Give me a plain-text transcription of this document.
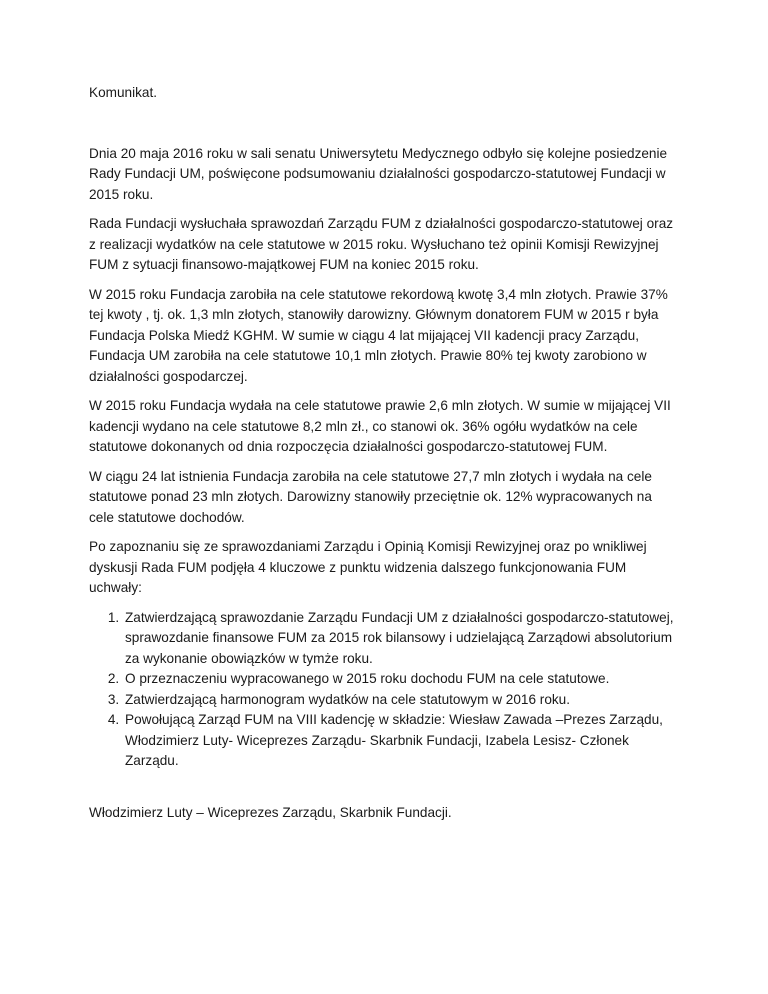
Komunikat.

Dnia 20 maja 2016 roku w sali senatu Uniwersytetu Medycznego odbyło się kolejne posiedzenie Rady Fundacji UM, poświęcone podsumowaniu działalności gospodarczo-statutowej Fundacji w 2015 roku.

Rada Fundacji wysłuchała sprawozdań Zarządu FUM z działalności gospodarczo-statutowej oraz z realizacji wydatków na cele statutowe w 2015 roku. Wysłuchano też opinii Komisji Rewizyjnej FUM z sytuacji finansowo-majątkowej FUM na koniec 2015 roku.

W 2015 roku Fundacja zarobiła na cele statutowe rekordową kwotę 3,4 mln złotych. Prawie 37% tej kwoty , tj. ok. 1,3 mln złotych, stanowiły darowizny. Głównym donatorem FUM w 2015 r była Fundacja Polska Miedź KGHM. W sumie w ciągu 4 lat mijającej VII kadencji pracy Zarządu, Fundacja UM zarobiła na cele statutowe 10,1 mln złotych. Prawie 80% tej kwoty zarobiono w działalności gospodarczej.

W 2015 roku Fundacja wydała na cele statutowe prawie 2,6 mln złotych. W sumie w mijającej VII kadencji wydano na cele statutowe 8,2 mln zł., co stanowi ok. 36% ogółu wydatków na cele statutowe dokonanych od dnia rozpoczęcia działalności gospodarczo-statutowej FUM.

W ciągu 24 lat istnienia Fundacja zarobiła na cele statutowe 27,7 mln złotych i wydała na cele statutowe ponad 23 mln złotych. Darowizny stanowiły przeciętnie ok. 12% wypracowanych na cele statutowe dochodów.

Po zapoznaniu się ze sprawozdaniami Zarządu i Opinią Komisji Rewizyjnej oraz po wnikliwej dyskusji Rada FUM podjęła 4 kluczowe z punktu widzenia dalszego funkcjonowania FUM uchwały:

1. Zatwierdzającą sprawozdanie Zarządu Fundacji UM z działalności gospodarczo-statutowej, sprawozdanie finansowe FUM za 2015 rok bilansowy i udzielającą Zarządowi absolutorium za wykonanie obowiązków w tymże roku.
2. O przeznaczeniu wypracowanego w 2015 roku dochodu FUM na cele statutowe.
3. Zatwierdzającą harmonogram wydatków na cele statutowym w 2016 roku.
4. Powołującą Zarząd FUM na VIII kadencję w składzie: Wiesław Zawada –Prezes Zarządu, Włodzimierz Luty- Wiceprezes Zarządu- Skarbnik Fundacji, Izabela Lesisz- Członek Zarządu.

Włodzimierz Luty – Wiceprezes Zarządu, Skarbnik Fundacji.
